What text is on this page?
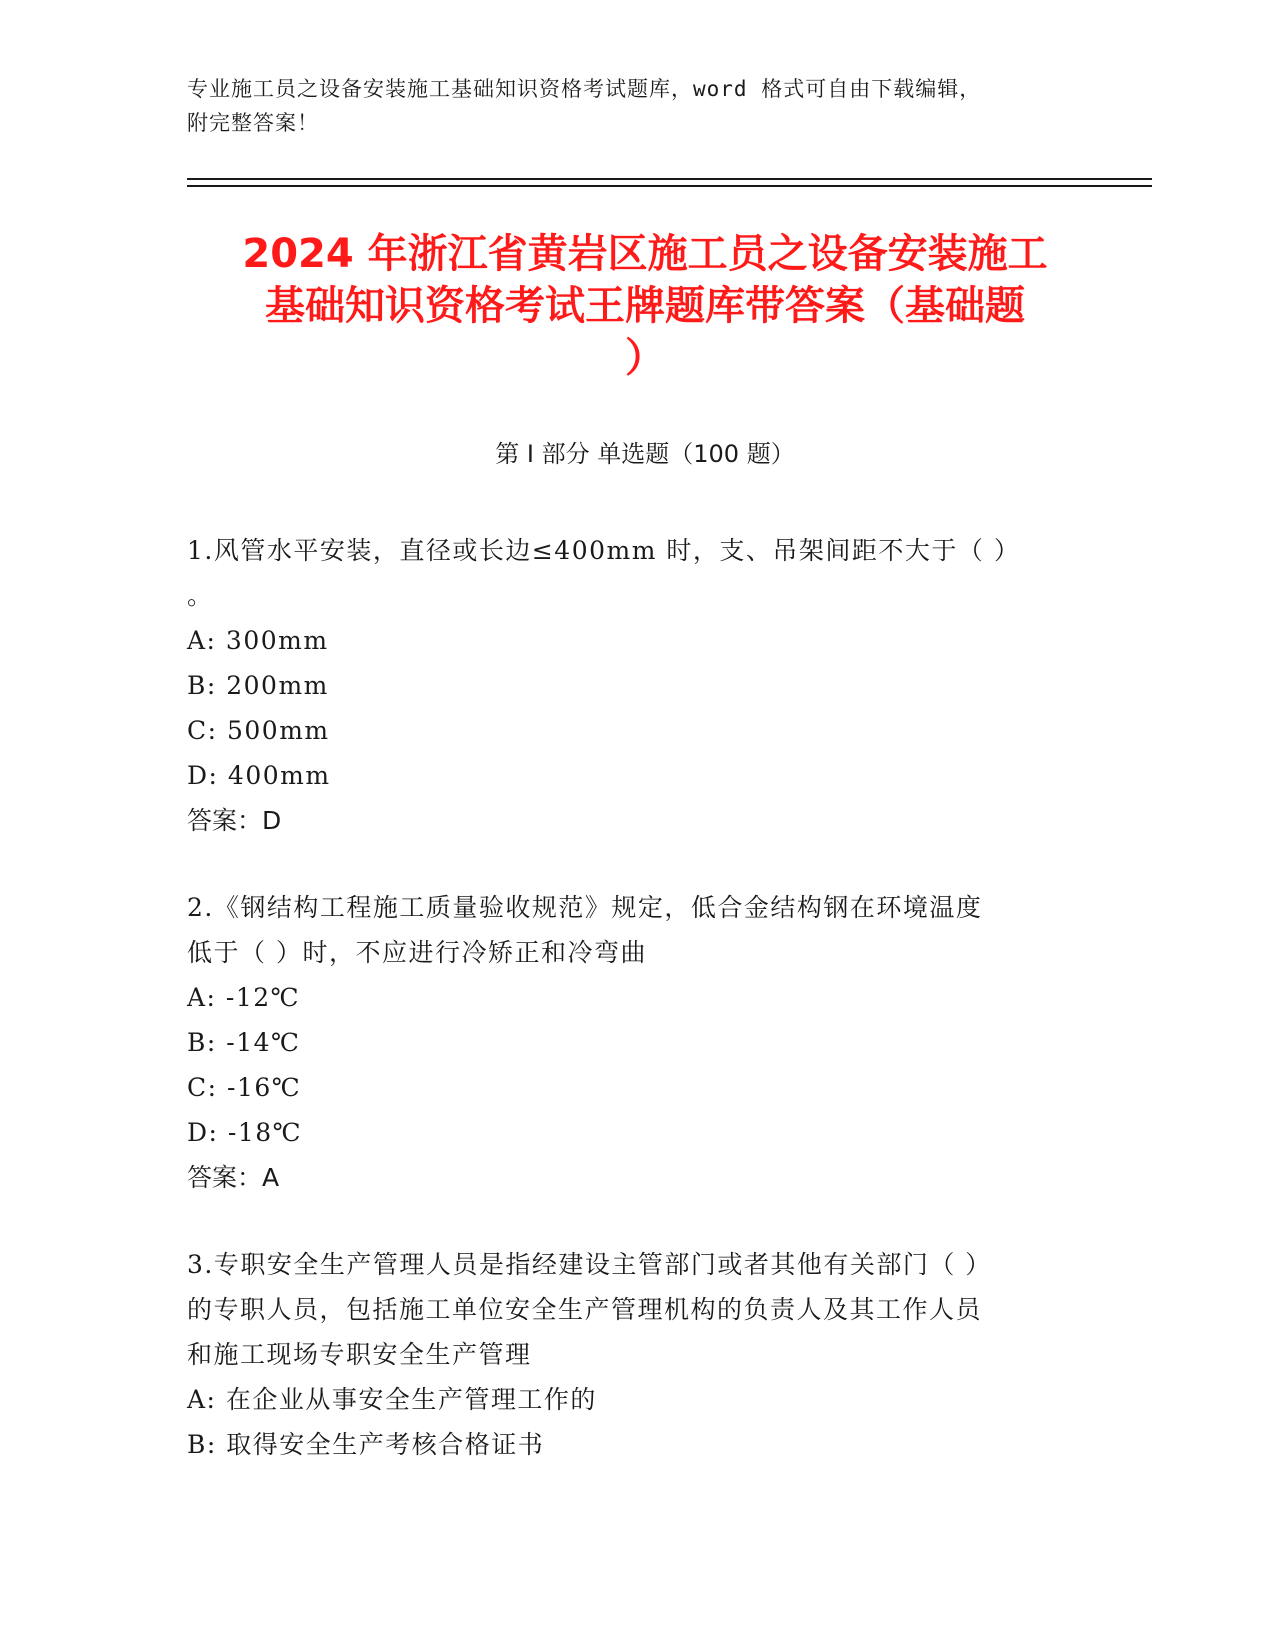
专业施工员之设备安装施工基础知识资格考试题库，word 格式可自由下载编辑，
附完整答案！
2024 年浙江省黄岩区施工员之设备安装施工
基础知识资格考试王牌题库带答案（基础题
）
第 I 部分 单选题（100 题）
1.风管水平安装，直径或长边≤400mm 时，支、吊架间距不大于（ ）
。
A: 300mm
B: 200mm
C: 500mm
D: 400mm
答案：D
2.《钢结构工程施工质量验收规范》规定，低合金结构钢在环境温度
低于（ ）时，不应进行冷矫正和冷弯曲
A: -12℃
B: -14℃
C: -16℃
D: -18℃
答案：A
3.专职安全生产管理人员是指经建设主管部门或者其他有关部门（ ）
的专职人员，包括施工单位安全生产管理机构的负责人及其工作人员
和施工现场专职安全生产管理
A: 在企业从事安全生产管理工作的
B: 取得安全生产考核合格证书
